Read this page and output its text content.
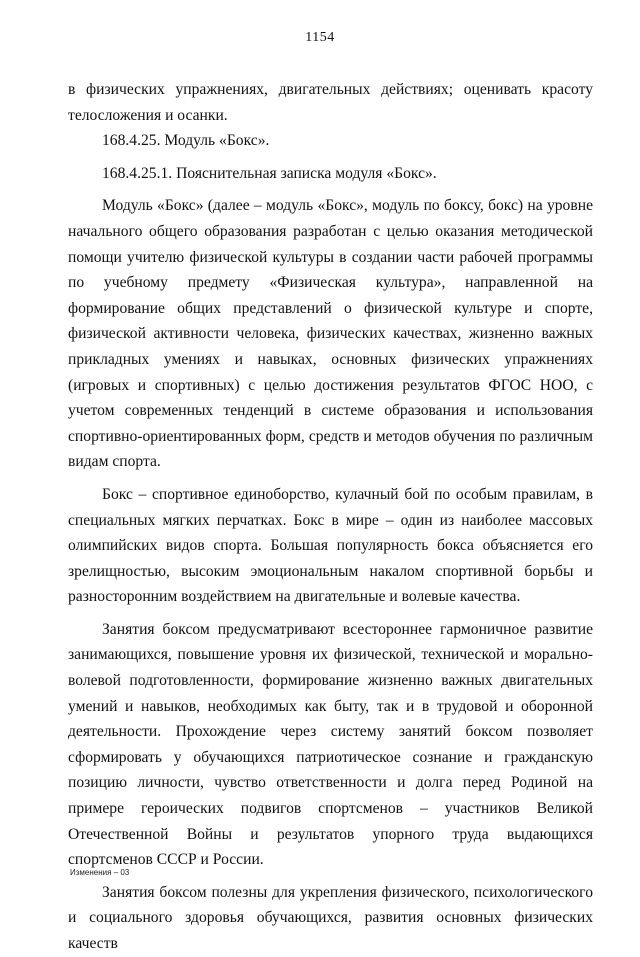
1154

в физических упражнениях, двигательных действиях; оценивать красоту телосложения и осанки.

168.4.25. Модуль «Бокс».

168.4.25.1. Пояснительная записка модуля «Бокс».

Модуль «Бокс» (далее – модуль «Бокс», модуль по боксу, бокс) на уровне начального общего образования разработан с целью оказания методической помощи учителю физической культуры в создании части рабочей программы по учебному предмету «Физическая культура», направленной на формирование общих представлений о физической культуре и спорте, физической активности человека, физических качествах, жизненно важных прикладных умениях и навыках, основных физических упражнениях (игровых и спортивных) с целью достижения результатов ФГОС НОО, с учетом современных тенденций в системе образования и использования спортивно-ориентированных форм, средств и методов обучения по различным видам спорта.

Бокс – спортивное единоборство, кулачный бой по особым правилам, в специальных мягких перчатках. Бокс в мире – один из наиболее массовых олимпийских видов спорта. Большая популярность бокса объясняется его зрелищностью, высоким эмоциональным накалом спортивной борьбы и разносторонним воздействием на двигательные и волевые качества.

Занятия боксом предусматривают всестороннее гармоничное развитие занимающихся, повышение уровня их физической, технической и морально-волевой подготовленности, формирование жизненно важных двигательных умений и навыков, необходимых как быту, так и в трудовой и оборонной деятельности. Прохождение через систему занятий боксом позволяет сформировать у обучающихся патриотическое сознание и гражданскую позицию личности, чувство ответственности и долга перед Родиной на примере героических подвигов спортсменов – участников Великой Отечественной Войны и результатов упорного труда выдающихся спортсменов СССР и России.

Занятия боксом полезны для укрепления физического, психологического и социального здоровья обучающихся, развития основных физических качеств

Изменения – 03
